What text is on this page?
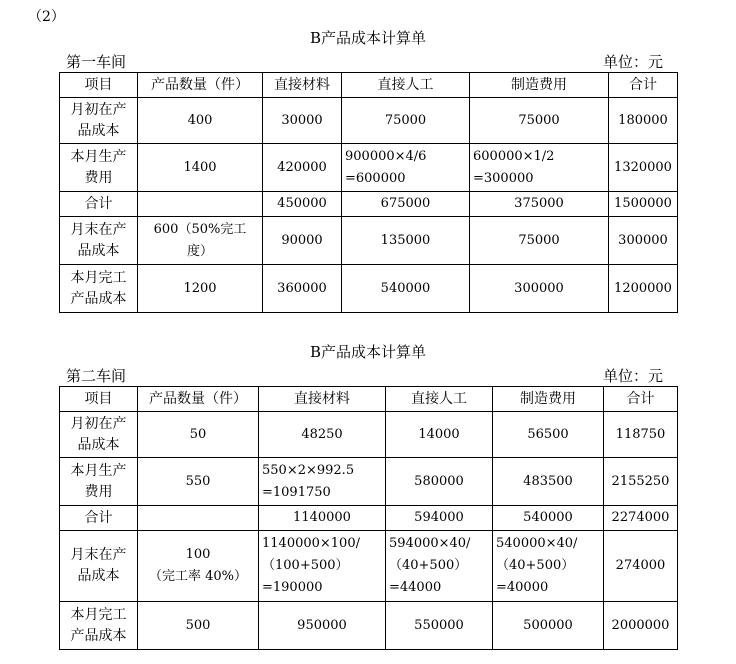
（2）
B产品成本计算单
第一车间	单位：元
项目	产品数量（件）	直接材料	直接人工	制造费用	合计

月初在产
品成本	400	30000	75000	75000	180000

本月生产
费用	1400	420000	900000×4/6
=600000	600000×1/2
=300000	1320000

合计		450000	675000	375000	1500000

月末在产
品成本	600（50%完工
度）	90000	135000	75000	300000

本月完工
产品成本	1200	360000	540000	300000	1200000
B产品成本计算单
第二车间	单位：元
项目	产品数量（件）	直接材料	直接人工	制造费用	合计

月初在产
品成本	50	48250	14000	56500	118750

本月生产
费用	550	550×2×992.5
=1091750	580000	483500	2155250

合计		1140000	594000	540000	2274000

月末在产
品成本	100
（完工率 40%）	1140000×100/
（100+500）
=190000	594000×40/
（40+500）
=44000	540000×40/
（40+500）
=40000	274000

本月完工
产品成本	500	950000	550000	500000	2000000
